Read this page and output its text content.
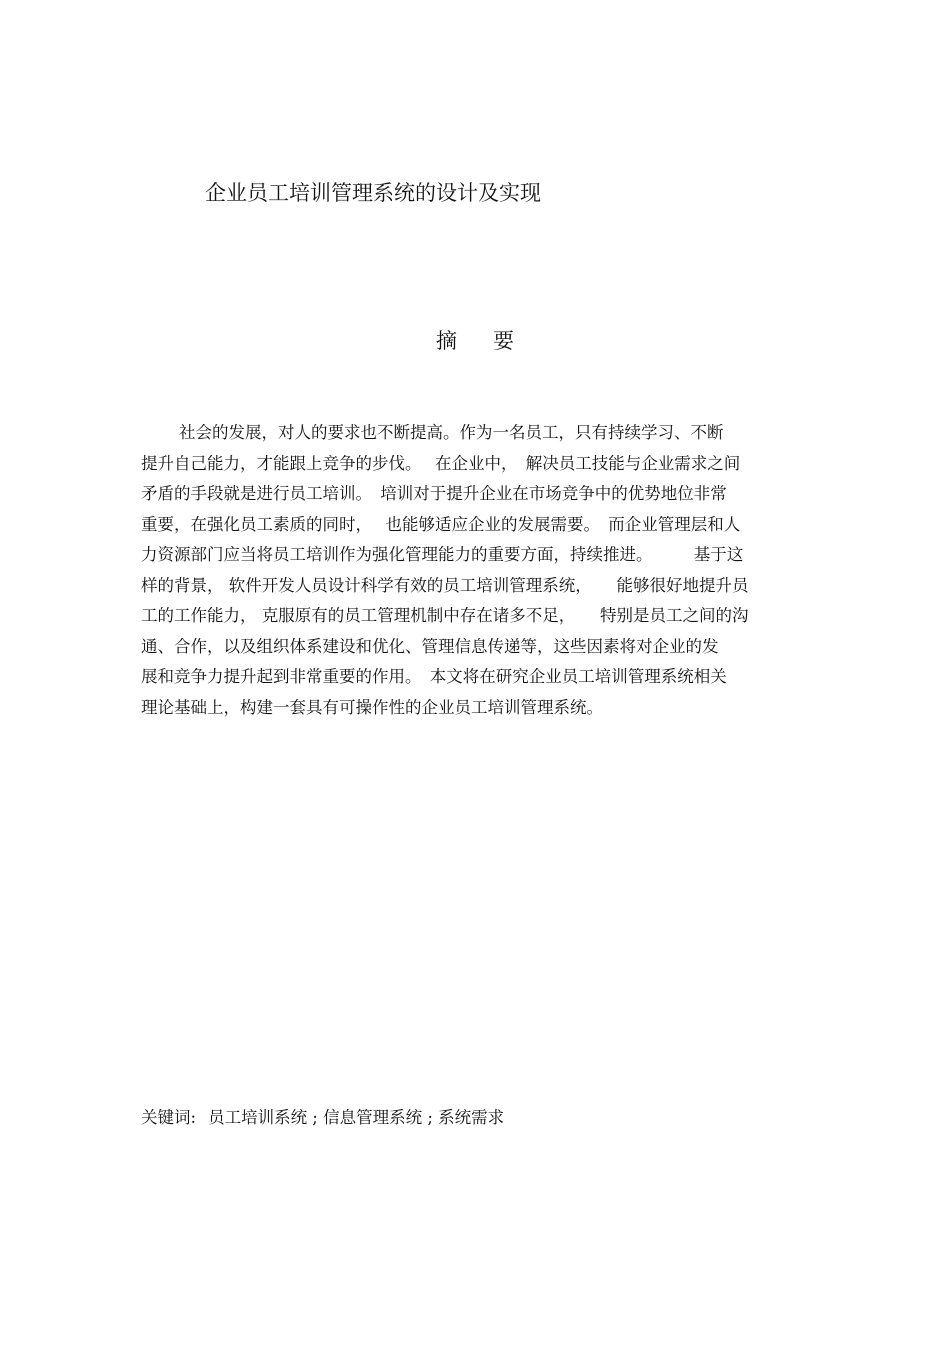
企业员工培训管理系统的设计及实现
摘要
社会的发展，对人的要求也不断提高。作为一名员工，只有持续学习、不断
提升自己能力，才能跟上竞争的步伐。　 在企业中，　解决员工技能与企业需求之间
矛盾的手段就是进行员工培训。　培训对于提升企业在市场竞争中的优势地位非常
重要，在强化员工素质的同时，　 也能够适应企业的发展需要。　而企业管理层和人
力资源部门应当将员工培训作为强化管理能力的重要方面，持续推进。　　　基于这
样的背景， 软件开发人员设计科学有效的员工培训管理系统，　　能够很好地提升员
工的工作能力， 克服原有的员工管理机制中存在诸多不足，　　特别是员工之间的沟
通、合作，以及组织体系建设和优化、管理信息传递等，这些因素将对企业的发
展和竞争力提升起到非常重要的作用。　本文将在研究企业员工培训管理系统相关
理论基础上，构建一套具有可操作性的企业员工培训管理系统。
关键词: 员工培训系统 ; 信息管理系统 ; 系统需求
